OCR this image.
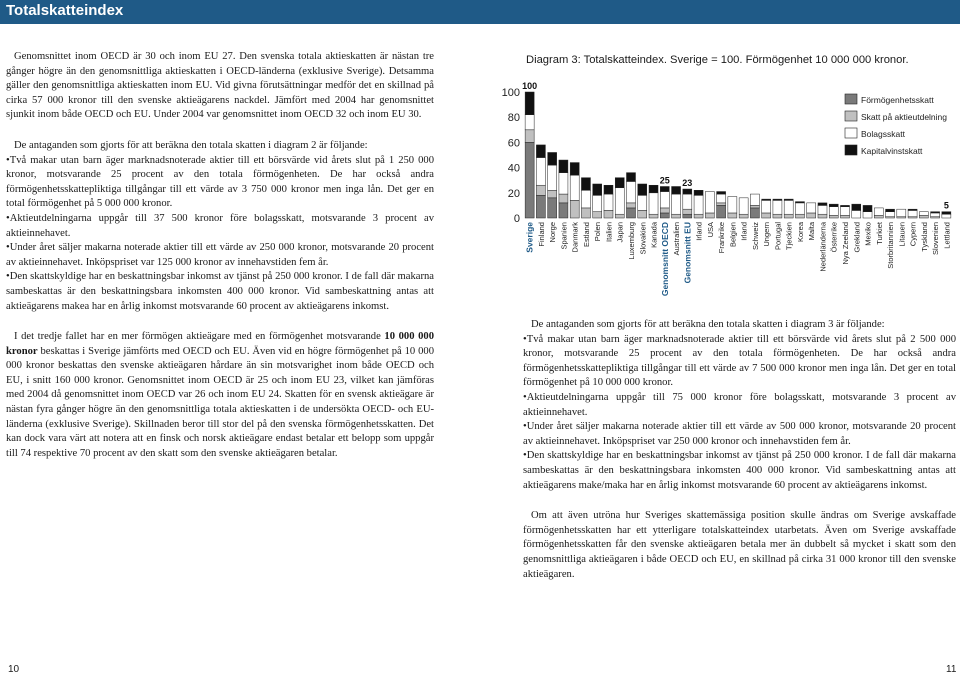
Totalskatteindex

Genomsnittet inom OECD är 30 och inom EU 27. Den svenska totala aktieskatten är nästan tre gånger högre än den genomsnittliga aktieskatten i OECD-länderna (exklusive Sverige). Detsamma gäller den genomsnittliga aktieskatten inom EU. Vid givna förutsättningar medför det en skillnad på cirka 57 000 kronor till den svenske aktieägarens nackdel. Jämfört med 2004 har genomsnittet sjunkit inom både OECD och EU. Under 2004 var genomsnittet inom OECD 32 och inom EU 30.

De antaganden som gjorts för att beräkna den totala skatten i diagram 2 är följande:

• Två makar utan barn äger marknadsnoterade aktier till ett börsvärde vid årets slut på 1 250 000 kronor, motsvarande 25 procent av den totala förmögenheten. De har också andra förmögenhetsskattepliktiga tillgångar till ett värde av 3 750 000 kronor men inga lån. Det ger en total förmögenhet på 5 000 000 kronor.

• Aktieutdelningarna uppgår till 37 500 kronor före bolagsskatt, motsvarande 3 procent av aktieinnehavet.

• Under året säljer makarna noterade aktier till ett värde av 250 000 kronor, motsvarande 20 procent av aktieinnehavet. Inköpspriset var 125 000 kronor av innehavstiden fem år.

• Den skattskyldige har en beskattningsbar inkomst av tjänst på 250 000 kronor. I de fall där makarna sambeskattas är den beskattningsbara inkomsten 400 000 kronor. Vid sambeskattning antas att aktieägarens makea har en årlig inkomst motsvarande 60 procent av aktieägarens inkomst.

I det tredje fallet har en mer förmögen aktieägare med en förmögenhet motsvarande 10 000 000 kronor beskattas i Sverige jämförts med OECD och EU. Även vid en högre förmögenhet på 10 000 000 kronor beskattas den svenske aktieägaren hårdare än sin motsvarighet inom både OECD och EU, i snitt 160 000 kronor. Genomsnittet inom OECD är 25 och inom EU 23, vilket kan jämföras med 2004 då genomsnittet inom OECD var 26 och inom EU 24. Skatten för en svensk aktieägare är nästan fyra gånger högre än den genomsnittliga totala aktieskatten i de undersökta OECD- och EU-länderna (exklusive Sverige). Skillnaden beror till stor del på den svenska förmögenhetsskatten. Det kan dock vara värt att notera att en finsk och norsk aktieägare endast betalar ett belopp som uppgår till 74 respektive 70 procent av den skatt som den svenske aktieägaren betalar.

Diagram 3: Totalskatteindex. Sverige = 100. Förmögenhet 10 000 000 kronor.
0
20
40
60
80
100
Sverige Finland Norge Spanien Danmark Estland Polen Italien Japan Luxemburg Slovakien Kanada Genomsnitt OECD Australien Genomsnitt EU Irland USA Frankrike Belgien Irland Schweiz Ungern Portugal Tjeckien Korea Malta Nederländerna Österrike Nya Zeeland Grekland Mexiko Turkiet Storbritannien Litauen Cypern Tyskland Slovenien Lettland
100
25 23
5
Förmögenhetsskatt
Skatt på aktieutdelning
Bolagsskatt
Kapitalvinstskatt

De antaganden som gjorts för att beräkna den totala skatten i diagram 3 är följande:

• Två makar utan barn äger marknadsnoterade aktier till ett börsvärde vid årets slut på 2 500 000 kronor, motsvarande 25 procent av den totala förmögenheten. De har också andra förmögenhetsskattepliktiga tillgångar till ett värde av 7 500 000 kronor men inga lån. Det ger en total förmögenhet på 10 000 000 kronor.

• Aktieutdelningarna uppgår till 75 000 kronor före bolagsskatt, motsvarande 3 procent av aktieinnehavet.

• Under året säljer makarna noterade aktier till ett värde av 500 000 kronor, motsvarande 20 procent av aktieinnehavet. Inköpspriset var 250 000 kronor och innehavstiden fem år.

• Den skattskyldige har en beskattningsbar inkomst av tjänst på 250 000 kronor. I de fall där makarna sambeskattas är den beskattningsbara inkomsten 400 000 kronor. Vid sambeskattning antas att aktieägarens make/maka har en årlig inkomst motsvarande 60 procent av aktieägarens inkomst.

Om att även utröna hur Sveriges skattemässiga position skulle ändras om Sverige avskaffade förmögenhetsskatten har ett ytterligare totalskatteindex utarbetats. Även om Sverige avskaffade förmögenhetsskatten får den svenske aktieägaren betala mer än dubbelt så mycket i skatt som den genomsnittliga aktieägaren i både OECD och EU, en skillnad på cirka 31 000 kronor till den svenske aktieägaren.

10	11
